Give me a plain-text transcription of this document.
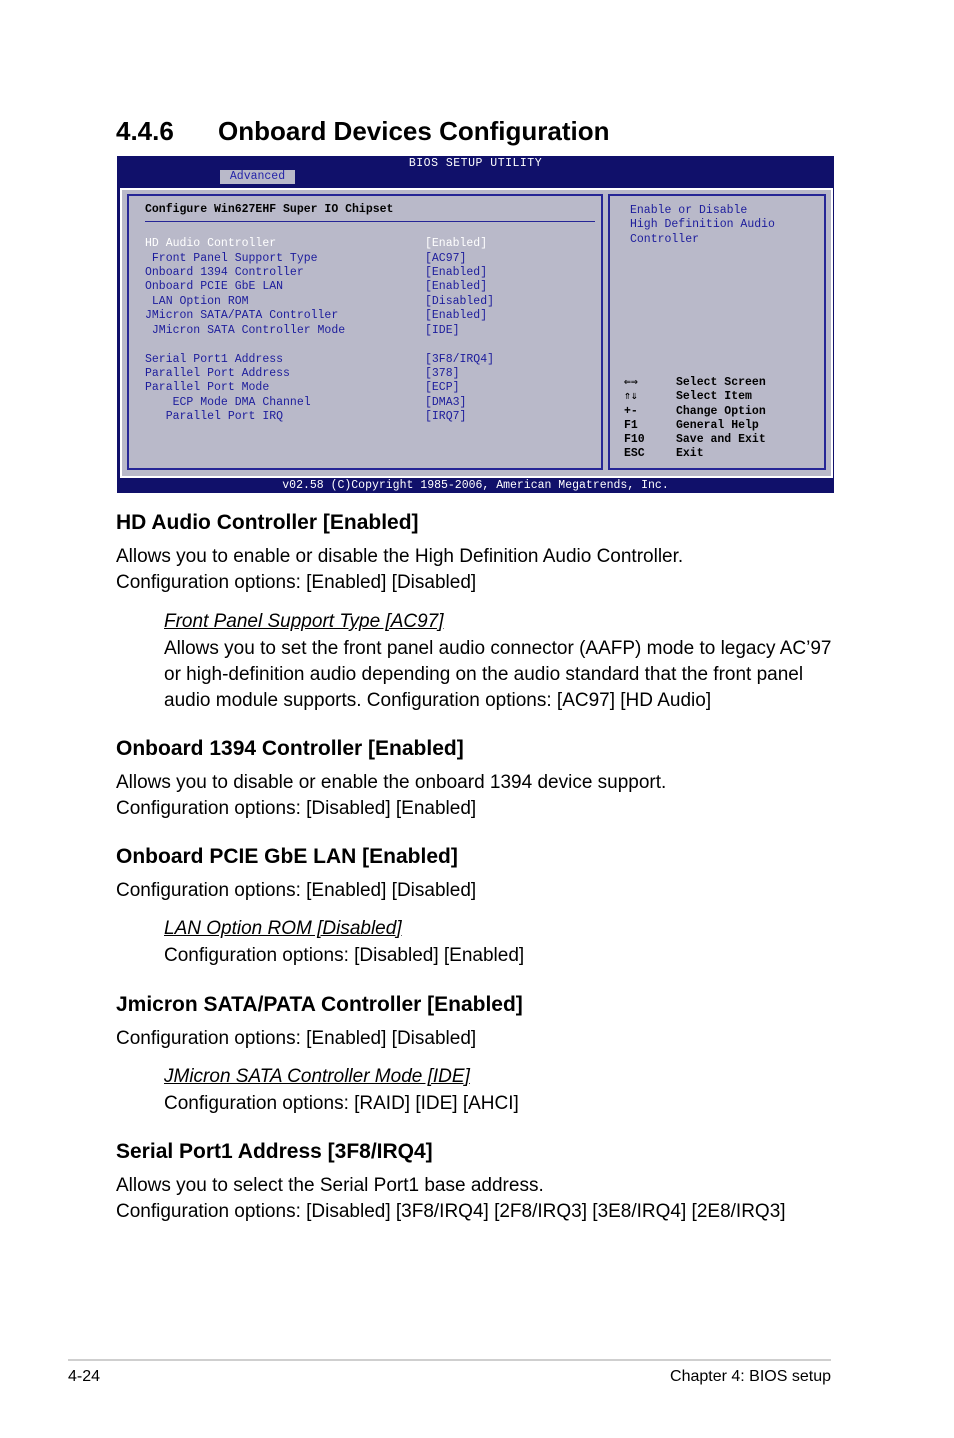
4.4.6 Onboard Devices Configuration
BIOS SETUP UTILITY
Advanced
Configure Win627EHF Super IO Chipset
HD Audio Controller	[Enabled]
Front Panel Support Type	[AC97]
Onboard 1394 Controller	[Enabled]
Onboard PCIE GbE LAN	[Enabled]
LAN Option ROM	[Disabled]
JMicron SATA/PATA Controller	[Enabled]
JMicron SATA Controller Mode	[IDE]
Serial Port1 Address	[3F8/IRQ4]
Parallel Port Address	[378]
Parallel Port Mode	[ECP]
ECP Mode DMA Channel	[DMA3]
Parallel Port IRQ	[IRQ7]
Enable or Disable
High Definition Audio
Controller
⇐⇒	Select Screen
⇑⇓	Select Item
+-	Change Option
F1	General Help
F10	Save and Exit
ESC	Exit
v02.58 (C)Copyright 1985-2006, American Megatrends, Inc.
HD Audio Controller [Enabled]
Allows you to enable or disable the High Definition Audio Controller.
Configuration options: [Enabled] [Disabled]
Front Panel Support Type [AC97]
Allows you to set the front panel audio connector (AAFP) mode to legacy AC’97 or high-definition audio depending on the audio standard that the front panel audio module supports. Configuration options: [AC97] [HD Audio]
Onboard 1394 Controller [Enabled]
Allows you to disable or enable the onboard 1394 device support.
Configuration options: [Disabled] [Enabled]
Onboard PCIE GbE LAN [Enabled]
Configuration options: [Enabled] [Disabled]
LAN Option ROM [Disabled]
Configuration options: [Disabled] [Enabled]
Jmicron SATA/PATA Controller [Enabled]
Configuration options: [Enabled] [Disabled]
JMicron SATA Controller Mode [IDE]
Configuration options: [RAID] [IDE] [AHCI]
Serial Port1 Address [3F8/IRQ4]
Allows you to select the Serial Port1 base address.
Configuration options: [Disabled] [3F8/IRQ4] [2F8/IRQ3] [3E8/IRQ4] [2E8/IRQ3]
4-24	Chapter 4: BIOS setup
